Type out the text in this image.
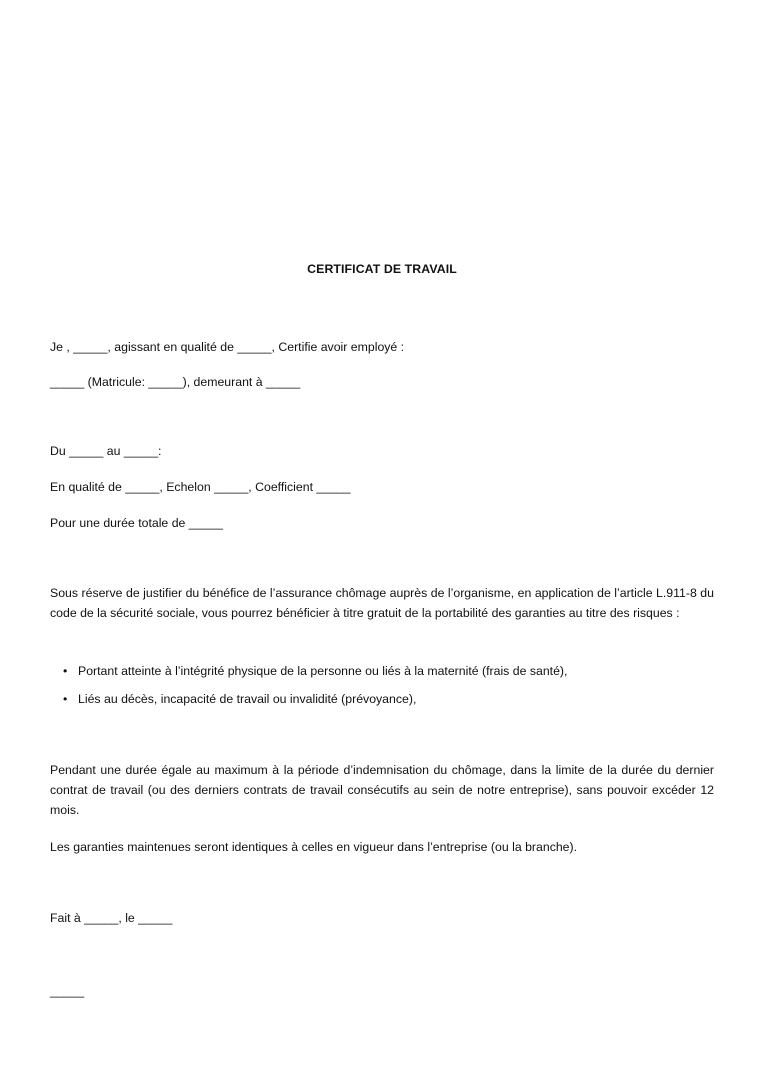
CERTIFICAT DE TRAVAIL
Je , _____, agissant en qualité de _____, Certifie avoir employé :
_____ (Matricule: _____), demeurant à _____
Du _____ au _____:
En qualité de _____, Echelon _____, Coefficient _____
Pour une durée totale de _____
Sous réserve de justifier du bénéfice de l’assurance chômage auprès de l’organisme, en application de l’article L.911-8 du code de la sécurité sociale, vous pourrez bénéficier à titre gratuit de la portabilité des garanties au titre des risques :
• Portant atteinte à l’intégrité physique de la personne ou liés à la maternité (frais de santé),
• Liés au décès, incapacité de travail ou invalidité (prévoyance),
Pendant une durée égale au maximum à la période d’indemnisation du chômage, dans la limite de la durée du dernier contrat de travail (ou des derniers contrats de travail consécutifs au sein de notre entreprise), sans pouvoir excéder 12 mois.
Les garanties maintenues seront identiques à celles en vigueur dans l’entreprise (ou la branche).
Fait à _____, le _____
_____
